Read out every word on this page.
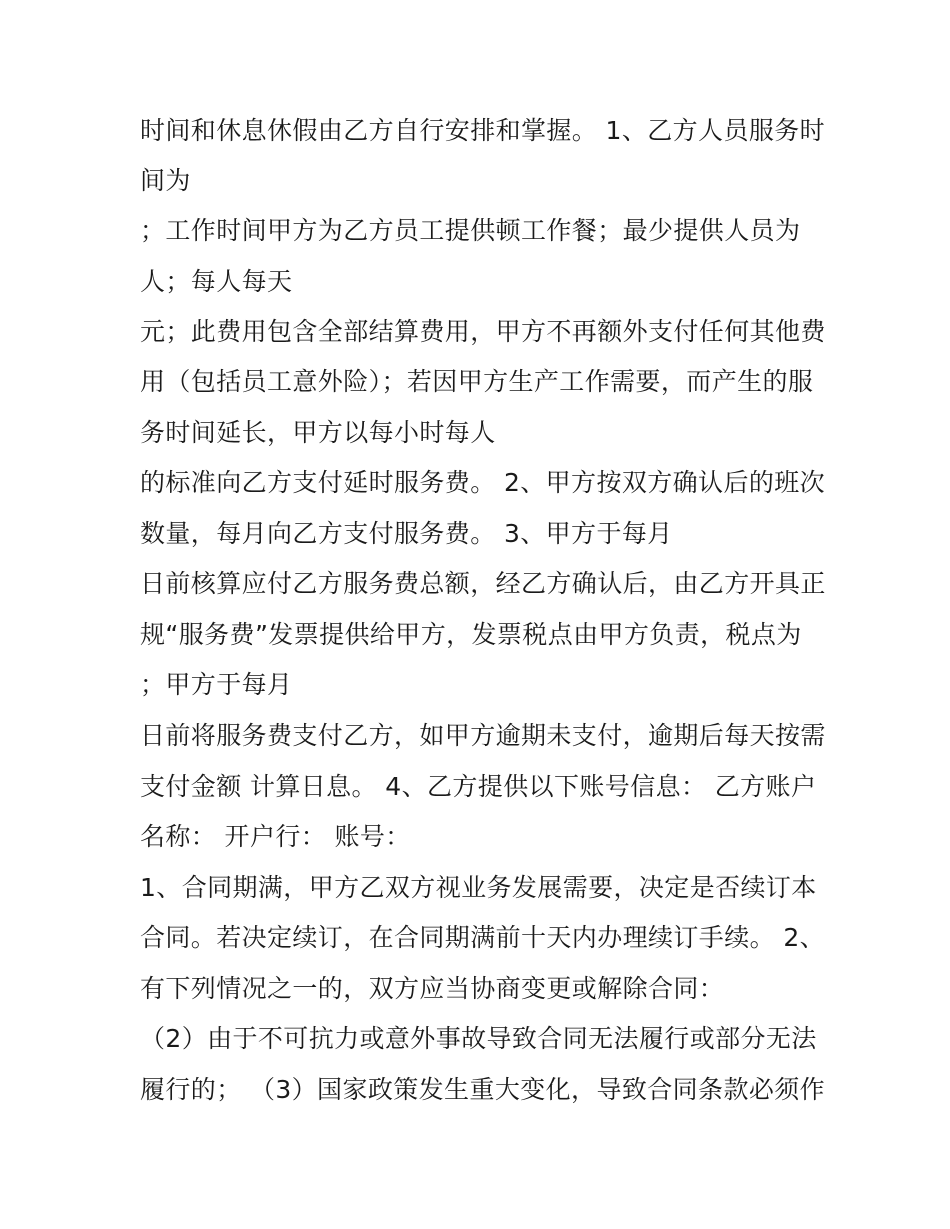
时间和休息休假由乙方自行安排和掌握。 1、乙方人员服务时
间为
；工作时间甲方为乙方员工提供顿工作餐；最少提供人员为
人；每人每天
元；此费用包含全部结算费用，甲方不再额外支付任何其他费
用（包括员工意外险）；若因甲方生产工作需要，而产生的服
务时间延长，甲方以每小时每人
的标准向乙方支付延时服务费。 2、甲方按双方确认后的班次
数量，每月向乙方支付服务费。 3、甲方于每月
日前核算应付乙方服务费总额，经乙方确认后，由乙方开具正
规“服务费”发票提供给甲方，发票税点由甲方负责，税点为
；甲方于每月
日前将服务费支付乙方，如甲方逾期未支付，逾期后每天按需
支付金额 计算日息。 4、乙方提供以下账号信息： 乙方账户
名称： 开户行： 账号：
1、合同期满，甲方乙双方视业务发展需要，决定是否续订本
合同。若决定续订，在合同期满前十天内办理续订手续。 2、
有下列情况之一的，双方应当协商变更或解除合同：
（2）由于不可抗力或意外事故导致合同无法履行或部分无法
履行的； （3）国家政策发生重大变化，导致合同条款必须作
